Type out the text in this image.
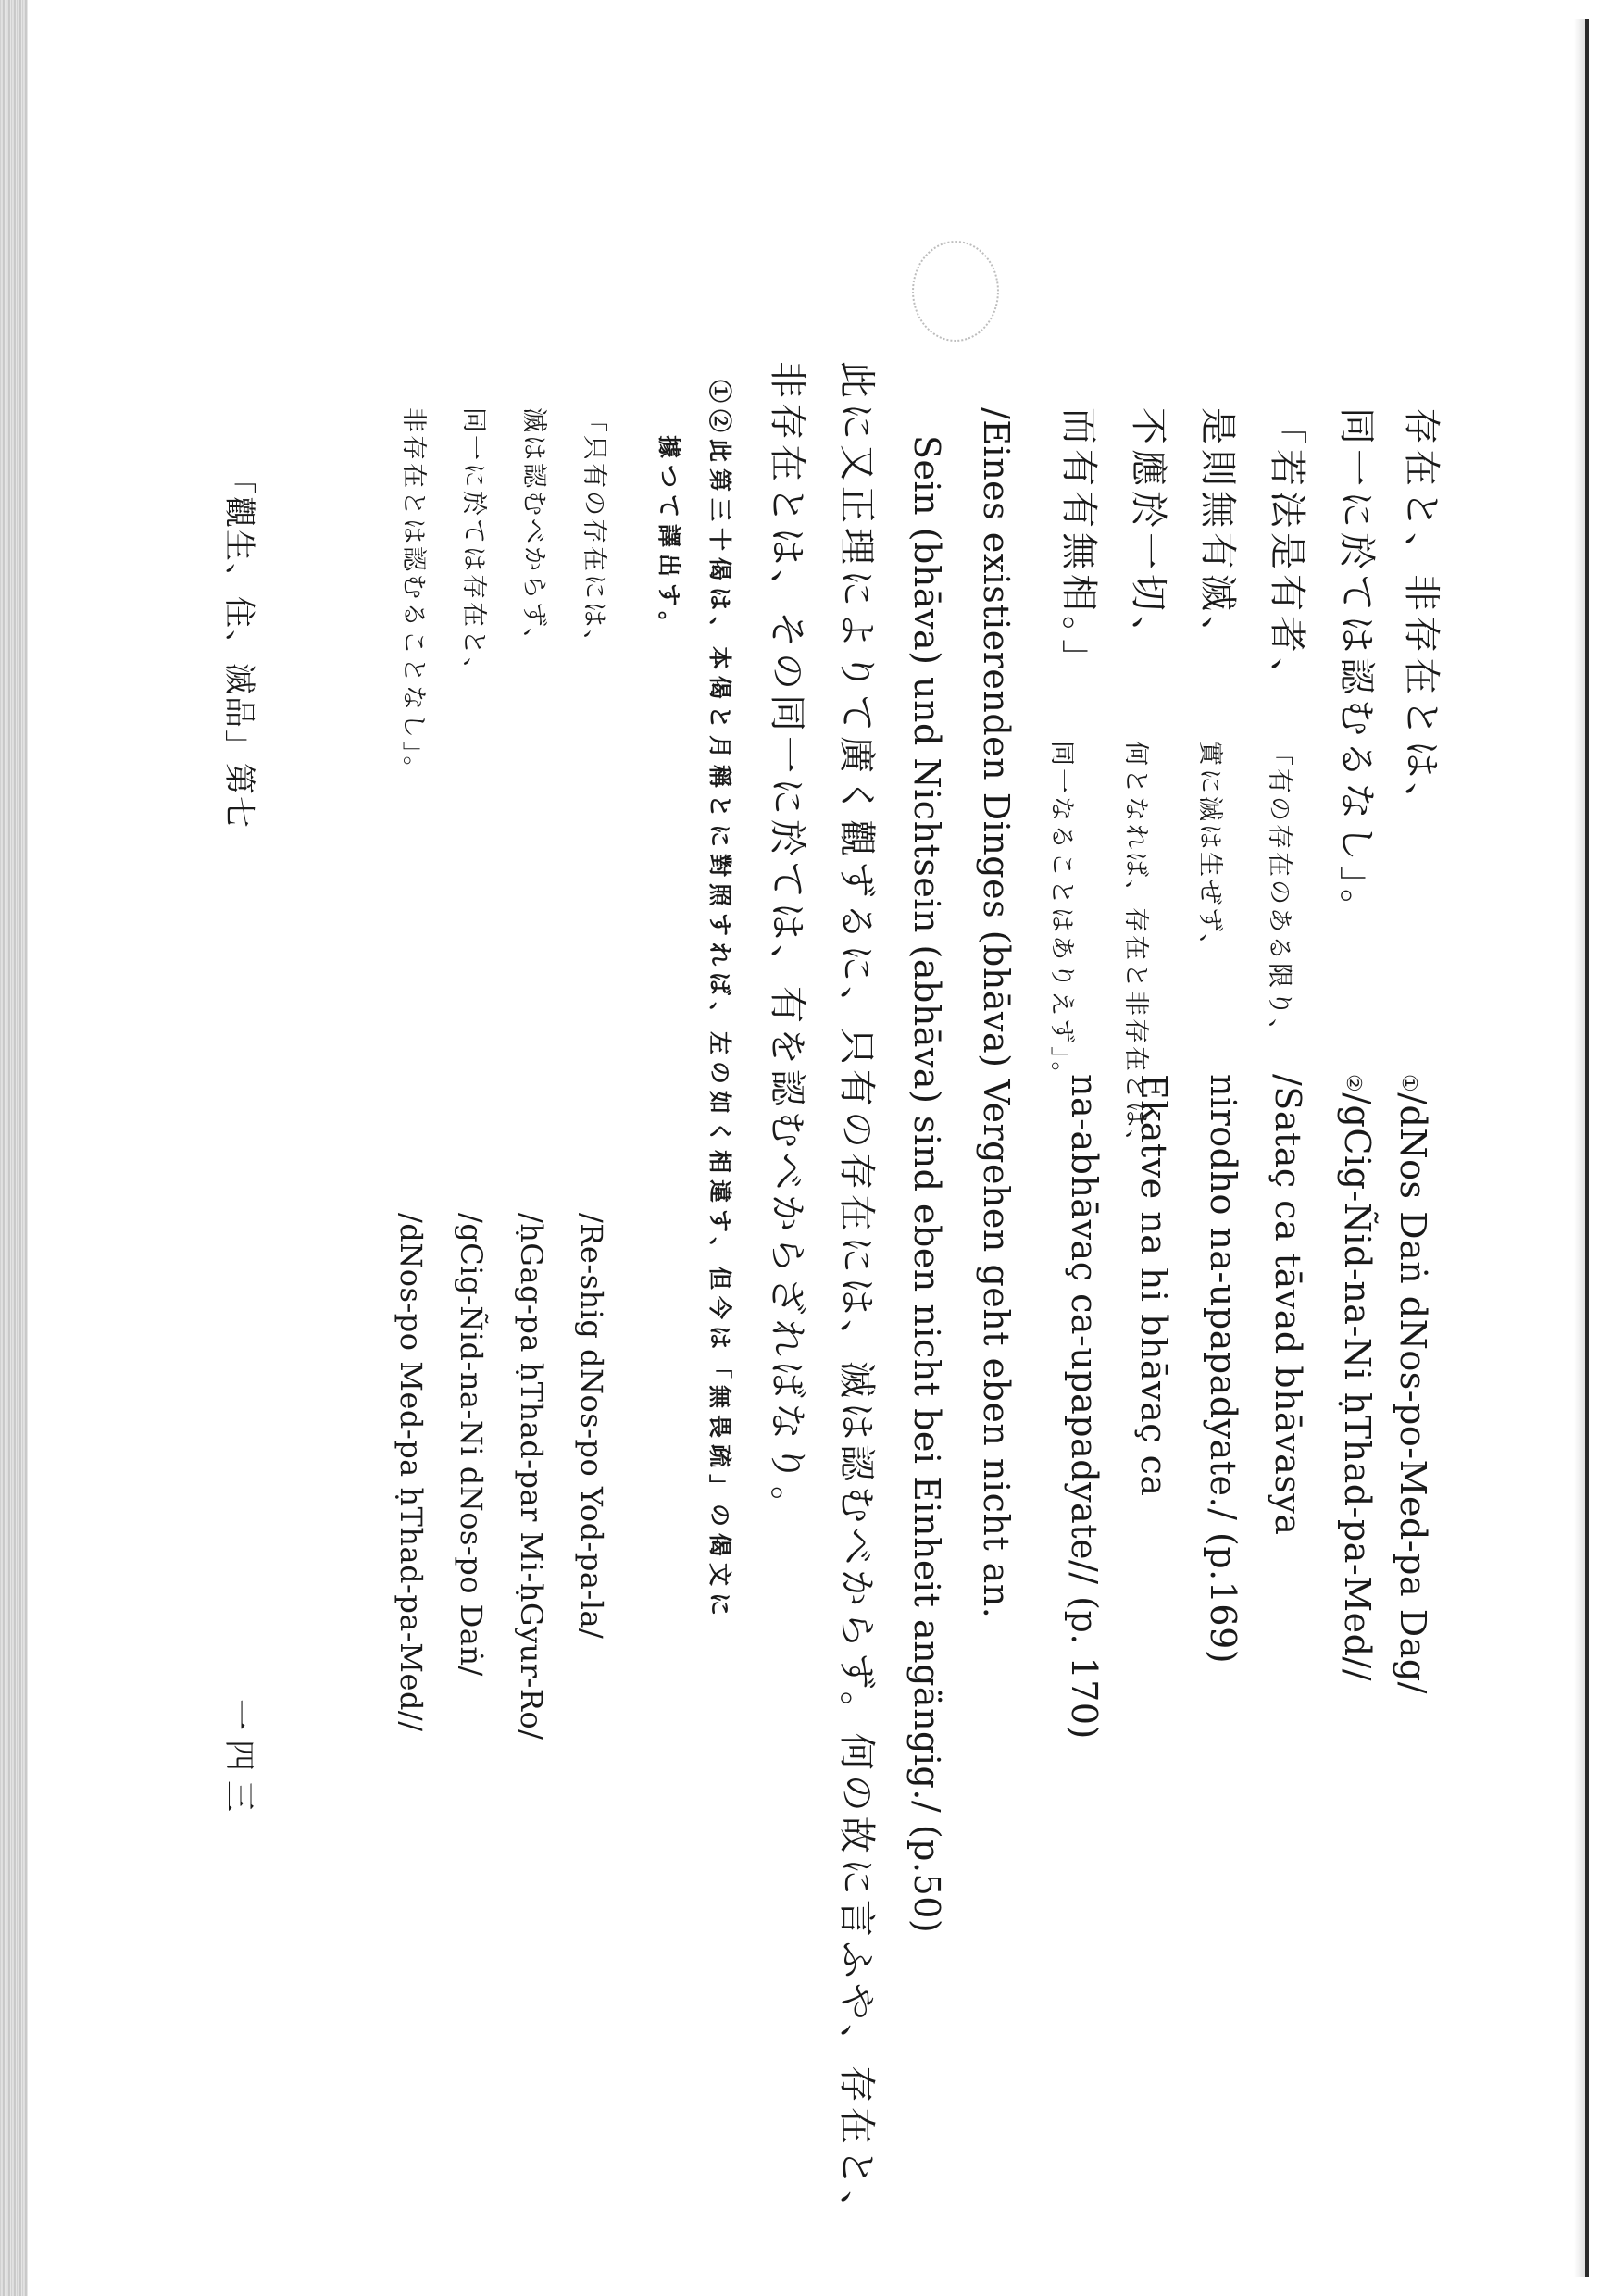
①/dNos Daṅ dNos-po-Med-pa Dag/
②/gCig-Ñid-na-Ni ḥThad-pa-Med//
存在と、非存在とは、
同一に於ては認むるなし」。
「若法是有者、
「有の存在のある限り、
/Sataç ca tāvad bhāvasya
是則無有滅、
實に滅は生ぜず、
nirodho na-upapadyate./ (p.169)
不應於一切、
何となれば、存在と非存在とは、
Ekatve na hi bhāvaç ca
而有有無相。」
同一なることはありえず」。
na-abhāvaç ca-upapadyate// (p. 170)
/Eines existierenden Dinges (bhāva) Vergehen geht eben nicht an.
Sein (bhāva) und Nichtsein (abhāva) sind eben nicht bei Einheit angängig./ (p.50)
此に又正理によりて廣く觀ずるに、只有の存在には、滅は認むべからず。何の故に言ふや、存在と、
非存在とは、その同一に於ては、有を認むべからざればなり。
①②此第三十偈は、本偈と月稱とに對照すれば、左の如く相違す、但今は「無畏疏」の偈文に
據つて譯出す。
「只有の存在には、
/Re-shig dNos-po Yod-pa-la/
滅は認むべからず、
/ḥGag-pa ḥThad-par Mi-ḥGyur-Ro/
同一に於ては存在と、
/gCig-Ñid-na-Ni dNos-po Daṅ/
非存在とは認むることなし」。
/dNos-po Med-pa ḥThad-pa-Med//
「觀生、住、滅品」第七
一四三
